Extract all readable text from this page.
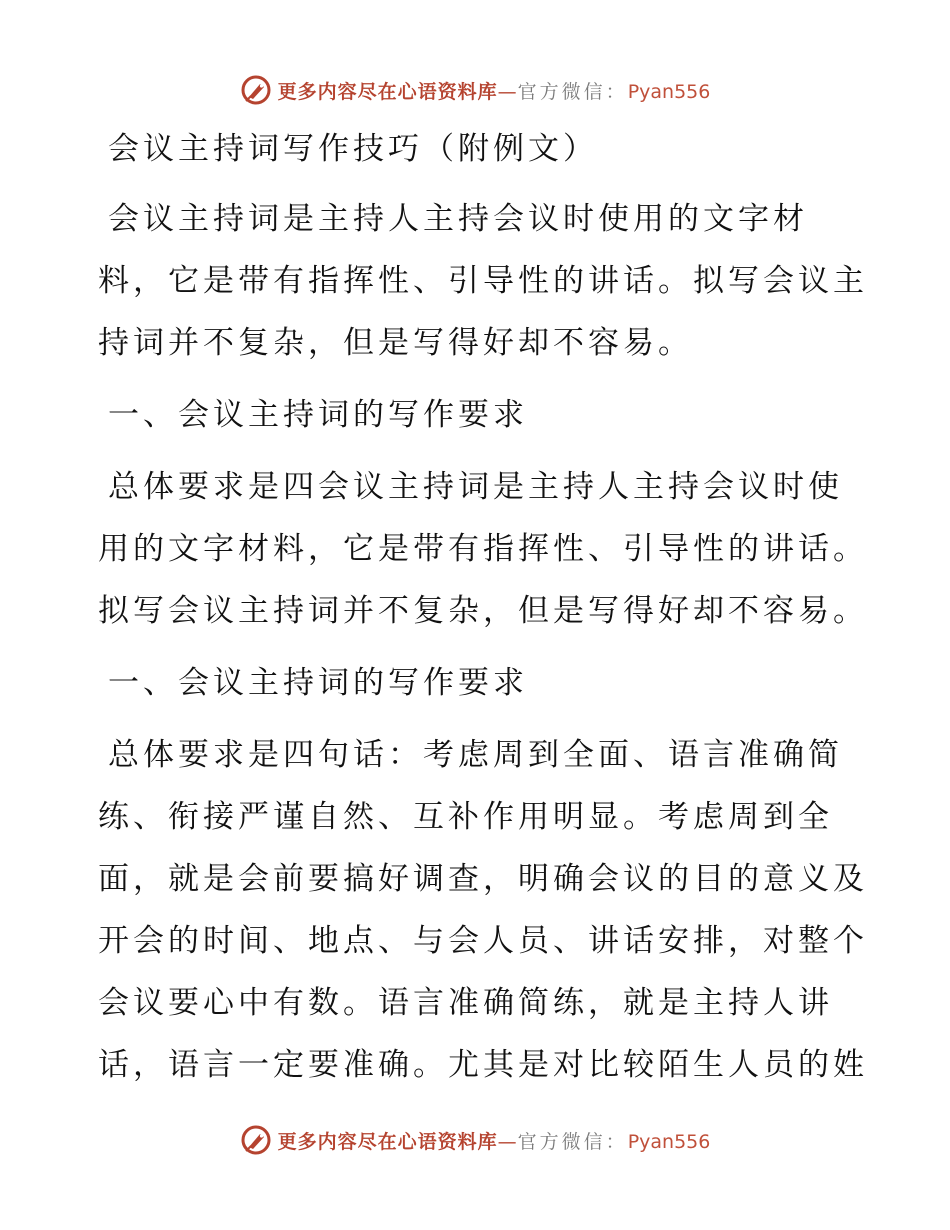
更多内容尽在心语资料库—官方微信：Pyan556
会议主持词写作技巧（附例文）
会议主持词是主持人主持会议时使用的文字材
料，它是带有指挥性、引导性的讲话。拟写会议主
持词并不复杂，但是写得好却不容易。
一、会议主持词的写作要求
总体要求是四会议主持词是主持人主持会议时使
用的文字材料，它是带有指挥性、引导性的讲话。
拟写会议主持词并不复杂，但是写得好却不容易。
一、会议主持词的写作要求
总体要求是四句话：考虑周到全面、语言准确简
练、衔接严谨自然、互补作用明显。考虑周到全
面，就是会前要搞好调查，明确会议的目的意义及
开会的时间、地点、与会人员、讲话安排，对整个
会议要心中有数。语言准确简练，就是主持人讲
话，语言一定要准确。尤其是对比较陌生人员的姓
更多内容尽在心语资料库—官方微信：Pyan556
